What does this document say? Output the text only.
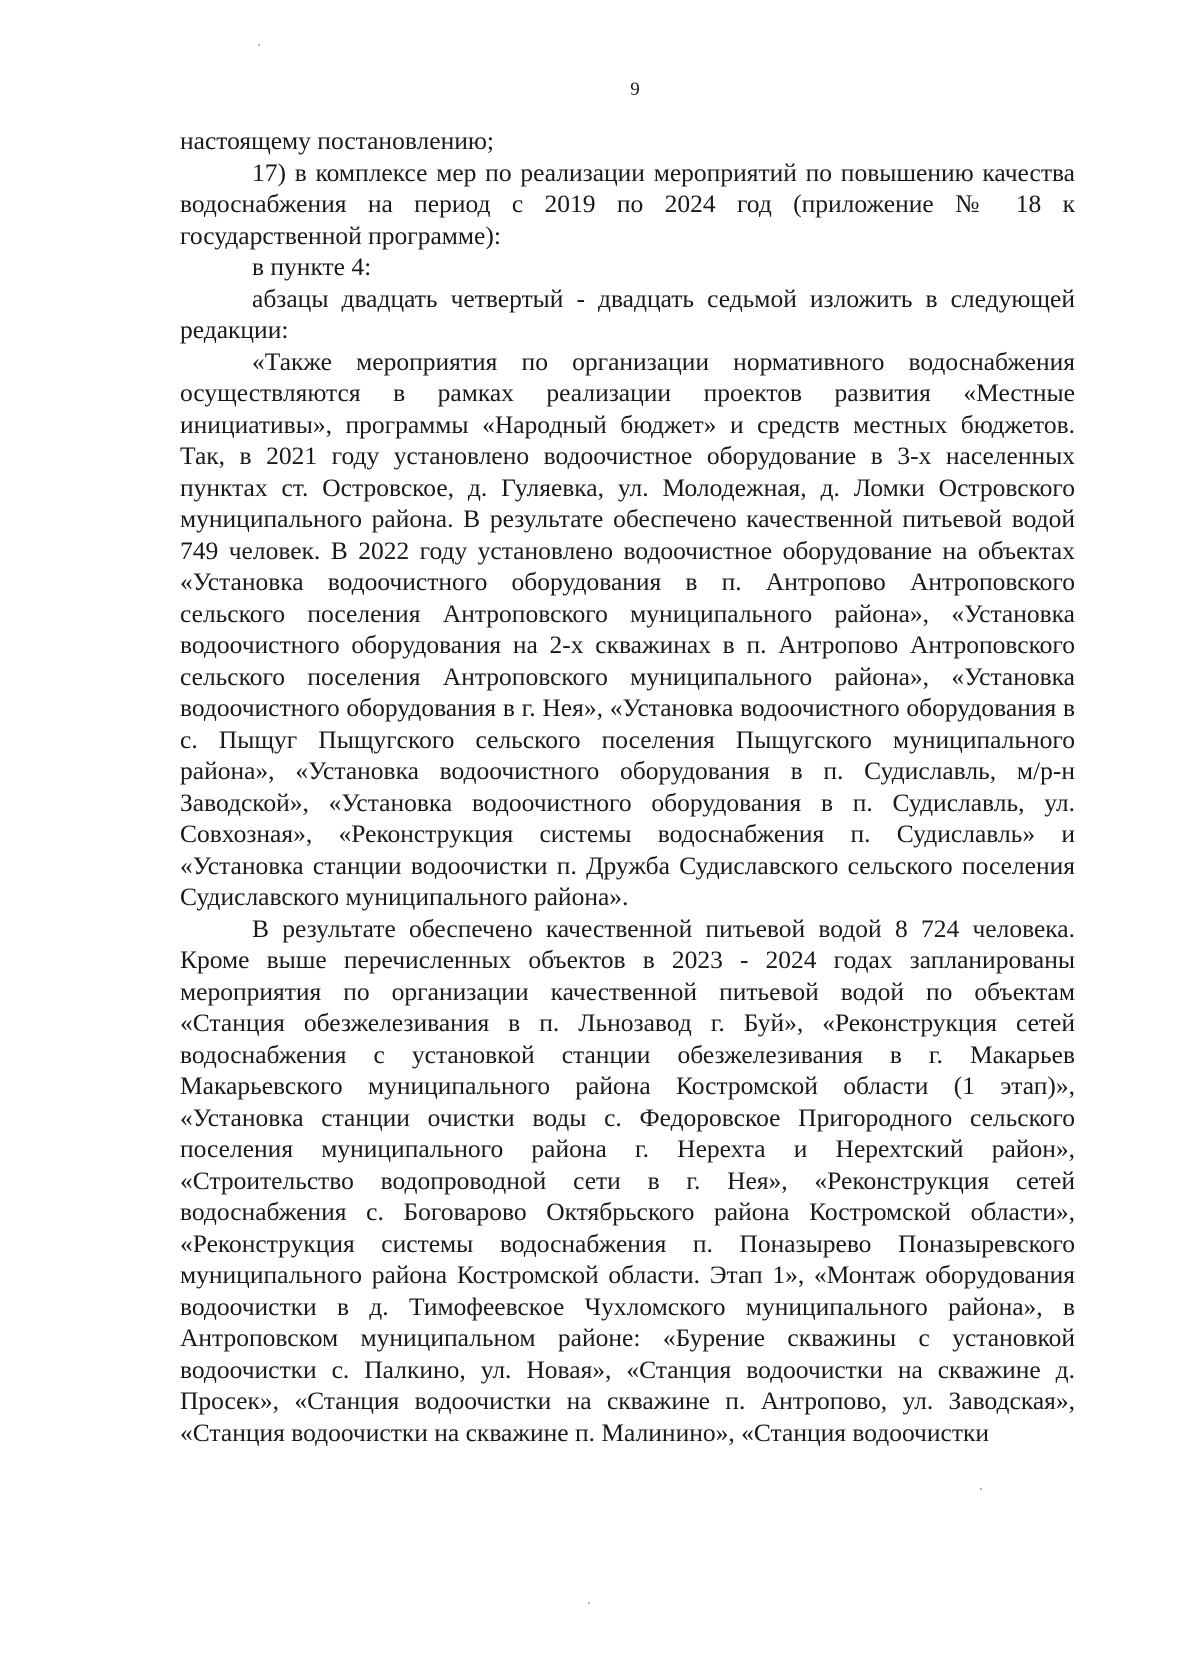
9

настоящему постановлению;

17) в комплексе мер по реализации мероприятий по повышению качества водоснабжения на период с 2019 по 2024 год (приложение № 18 к государственной программе):

в пункте 4:

абзацы двадцать четвертый - двадцать седьмой изложить в следующей редакции:

«Также мероприятия по организации нормативного водоснабжения осуществляются в рамках реализации проектов развития «Местные инициативы», программы «Народный бюджет» и средств местных бюджетов. Так, в 2021 году установлено водоочистное оборудование в 3-х населенных пунктах ст. Островское, д. Гуляевка, ул. Молодежная, д. Ломки Островского муниципального района. В результате обеспечено качественной питьевой водой 749 человек. В 2022 году установлено водоочистное оборудование на объектах «Установка водоочистного оборудования в п. Антропово Антроповского сельского поселения Антроповского муниципального района», «Установка водоочистного оборудования на 2-х скважинах в п. Антропово Антроповского сельского поселения Антроповского муниципального района», «Установка водоочистного оборудования в г. Нея», «Установка водоочистного оборудования в с. Пыщуг Пыщугского сельского поселения Пыщугского муниципального района», «Установка водоочистного оборудования в п. Судиславль, м/р-н Заводской», «Установка водоочистного оборудования в п. Судиславль, ул. Совхозная», «Реконструкция системы водоснабжения п. Судиславль» и «Установка станции водоочистки п. Дружба Судиславского сельского поселения Судиславского муниципального района».

В результате обеспечено качественной питьевой водой 8 724 человека. Кроме выше перечисленных объектов в 2023 - 2024 годах запланированы мероприятия по организации качественной питьевой водой по объектам «Станция обезжелезивания в п. Льнозавод г. Буй», «Реконструкция сетей водоснабжения с установкой станции обезжелезивания в г. Макарьев Макарьевского муниципального района Костромской области (1 этап)», «Установка станции очистки воды с. Федоровское Пригородного сельского поселения муниципального района г. Нерехта и Нерехтский район», «Строительство водопроводной сети в г. Нея», «Реконструкция сетей водоснабжения с. Боговарово Октябрьского района Костромской области», «Реконструкция системы водоснабжения п. Поназырево Поназыревского муниципального района Костромской области. Этап 1», «Монтаж оборудования водоочистки в д. Тимофеевское Чухломского муниципального района», в Антроповском муниципальном районе: «Бурение скважины с установкой водоочистки с. Палкино, ул. Новая», «Станция водоочистки на скважине д. Просек», «Станция водоочистки на скважине п. Антропово, ул. Заводская», «Станция водоочистки на скважине п. Малинино», «Станция водоочистки
